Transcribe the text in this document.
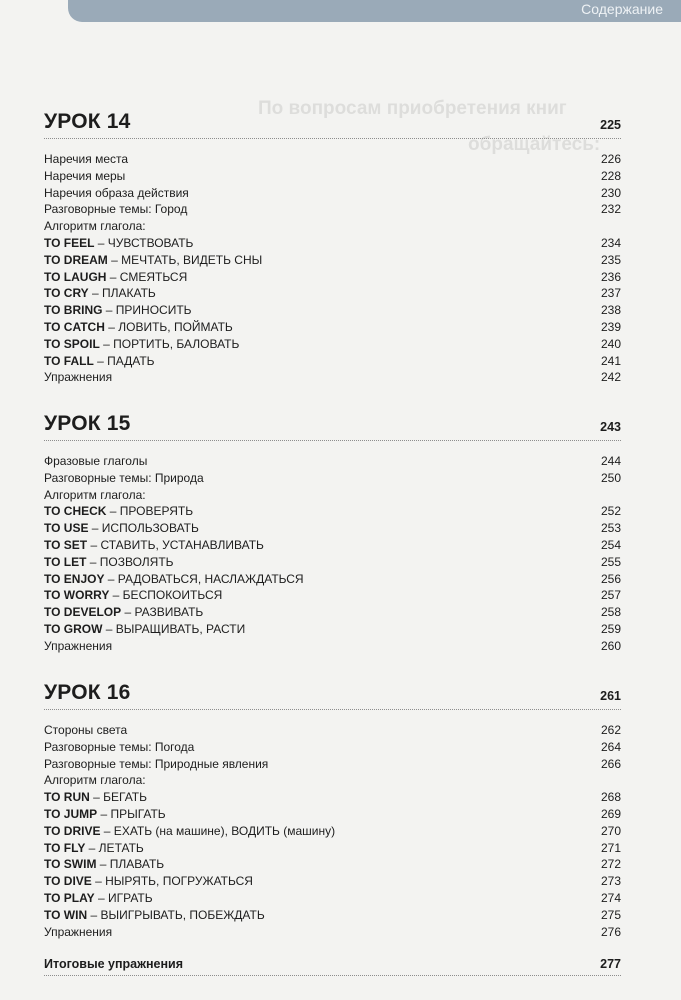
Содержание
По вопросам приобретения книг
обращайтесь:
УРОК 14	225
Наречия места	226
Наречия меры	228
Наречия образа действия	230
Разговорные темы: Город	232
Алгоритм глагола:
TO FEEL – ЧУВСТВОВАТЬ	234
TO DREAM – МЕЧТАТЬ, ВИДЕТЬ СНЫ	235
TO LAUGH – СМЕЯТЬСЯ	236
TO CRY – ПЛАКАТЬ	237
TO BRING – ПРИНОСИТЬ	238
TO CATCH – ЛОВИТЬ, ПОЙМАТЬ	239
TO SPOIL – ПОРТИТЬ, БАЛОВАТЬ	240
TO FALL – ПАДАТЬ	241
Упражнения	242
УРОК 15	243
Фразовые глаголы	244
Разговорные темы: Природа	250
Алгоритм глагола:
TO CHECK – ПРОВЕРЯТЬ	252
TO USE – ИСПОЛЬЗОВАТЬ	253
TO SET – СТАВИТЬ, УСТАНАВЛИВАТЬ	254
TO LET – ПОЗВОЛЯТЬ	255
TO ENJOY – РАДОВАТЬСЯ, НАСЛАЖДАТЬСЯ	256
TO WORRY – БЕСПОКОИТЬСЯ	257
TO DEVELOP – РАЗВИВАТЬ	258
TO GROW – ВЫРАЩИВАТЬ, РАСТИ	259
Упражнения	260
УРОК 16	261
Стороны света	262
Разговорные темы: Погода	264
Разговорные темы: Природные явления	266
Алгоритм глагола:
TO RUN – БЕГАТЬ	268
TO JUMP – ПРЫГАТЬ	269
TO DRIVE – ЕХАТЬ (на машине), ВОДИТЬ (машину)	270
TO FLY – ЛЕТАТЬ	271
TO SWIM – ПЛАВАТЬ	272
TO DIVE – НЫРЯТЬ, ПОГРУЖАТЬСЯ	273
TO PLAY – ИГРАТЬ	274
TO WIN – ВЫИГРЫВАТЬ, ПОБЕЖДАТЬ	275
Упражнения	276
Итоговые упражнения	277
